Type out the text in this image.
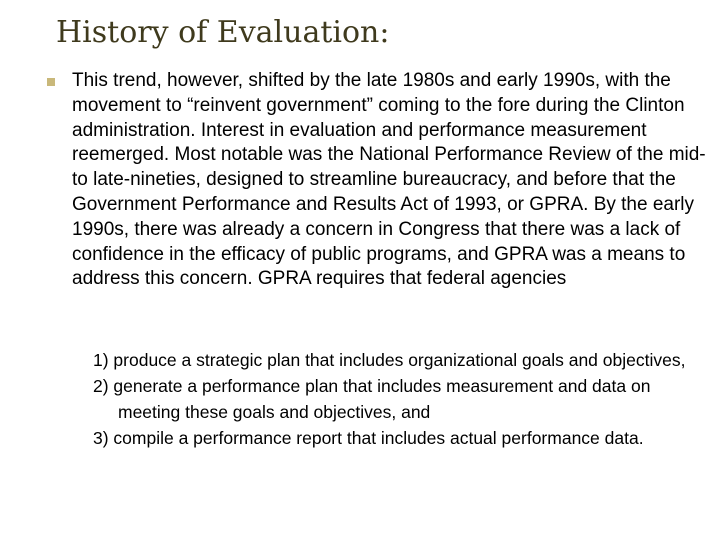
History of Evaluation:

This trend, however, shifted by the late 1980s and early 1990s, with the movement to “reinvent government” coming to the fore during the Clinton administration. Interest in evaluation and performance measurement reemerged. Most notable was the National Performance Review of the mid- to late-nineties, designed to streamline bureaucracy, and before that the Government Performance and Results Act of 1993, or GPRA. By the early 1990s, there was already a concern in Congress that there was a lack of confidence in the efficacy of public programs, and GPRA was a means to address this concern. GPRA requires that federal agencies

1) produce a strategic plan that includes organizational goals and objectives,
2) generate a performance plan that includes measurement and data on meeting these goals and objectives, and
3) compile a performance report that includes actual performance data.
